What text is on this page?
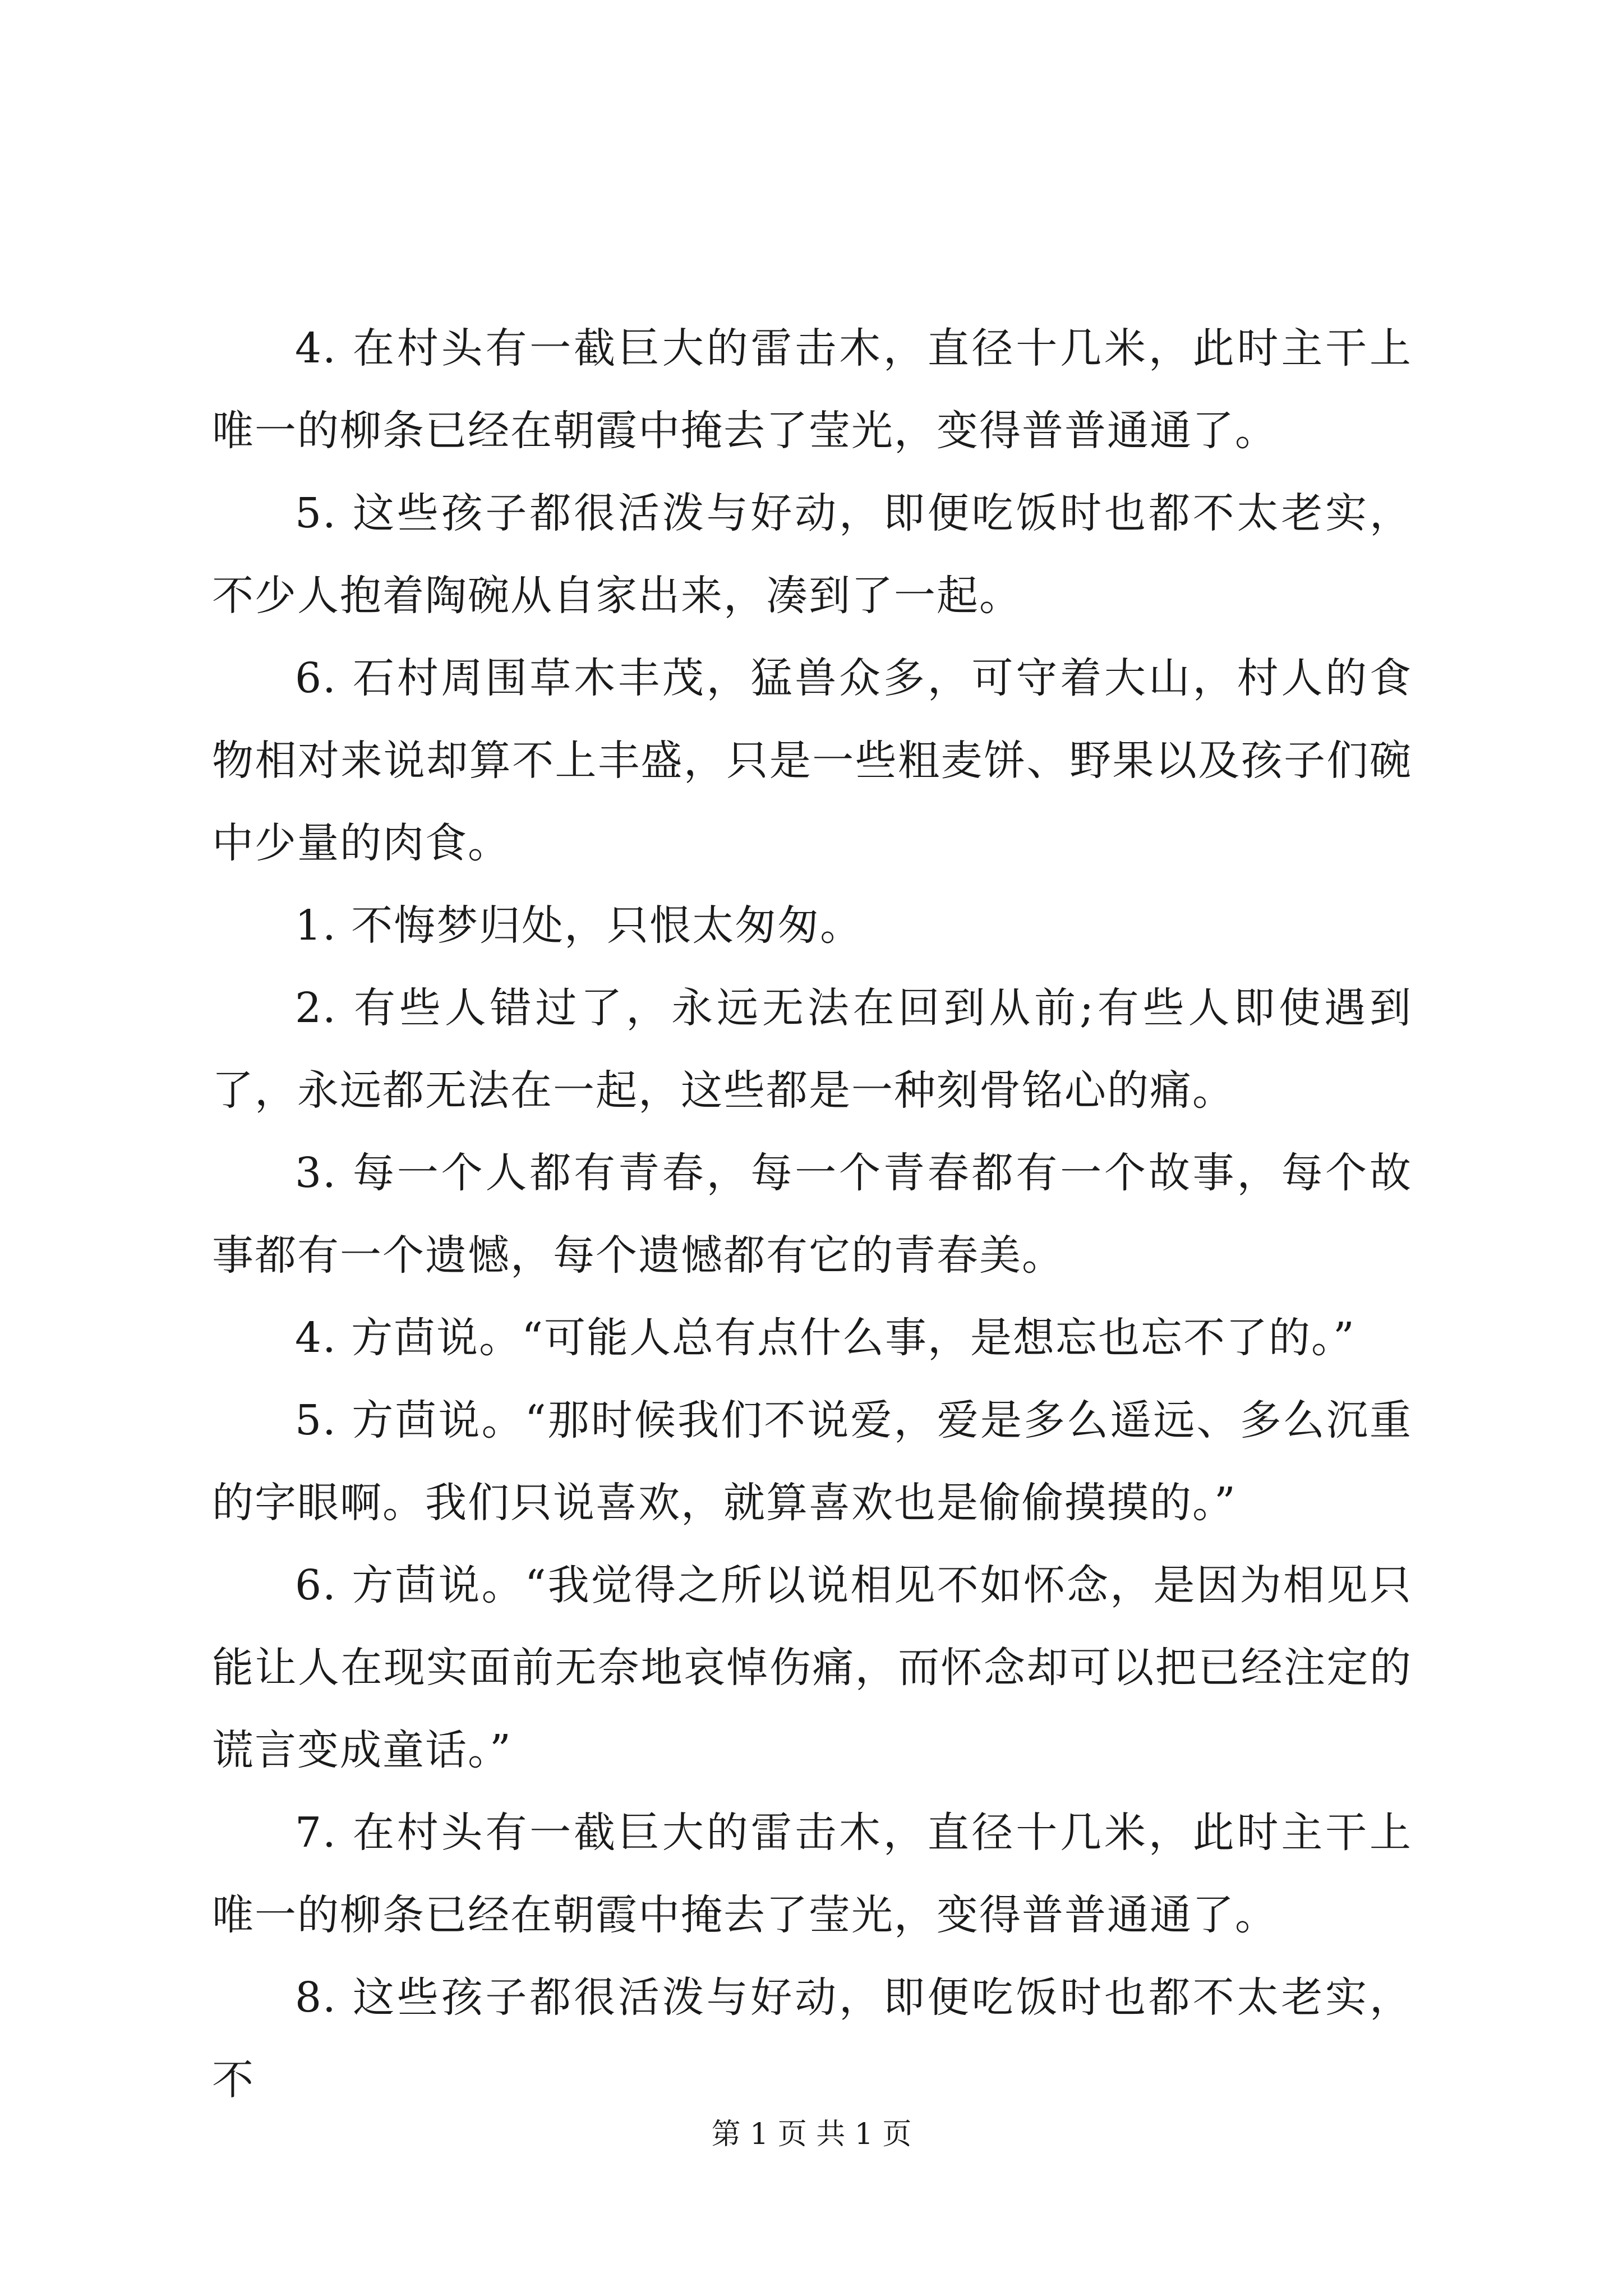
4. 在村头有一截巨大的雷击木，直径十几米，此时主干上唯一的柳条已经在朝霞中掩去了莹光，变得普普通通了。

5. 这些孩子都很活泼与好动，即便吃饭时也都不太老实，不少人抱着陶碗从自家出来，凑到了一起。

6. 石村周围草木丰茂，猛兽众多，可守着大山，村人的食物相对来说却算不上丰盛，只是一些粗麦饼、野果以及孩子们碗中少量的肉食。

1. 不悔梦归处，只恨太匆匆。

2. 有些人错过了，永远无法在回到从前;有些人即使遇到了，永远都无法在一起，这些都是一种刻骨铭心的痛。

3. 每一个人都有青春，每一个青春都有一个故事，每个故事都有一个遗憾，每个遗憾都有它的青春美。

4. 方茴说。“可能人总有点什么事，是想忘也忘不了的。”

5. 方茴说。“那时候我们不说爱，爱是多么遥远、多么沉重的字眼啊。我们只说喜欢，就算喜欢也是偷偷摸摸的。”

6. 方茴说。“我觉得之所以说相见不如怀念，是因为相见只能让人在现实面前无奈地哀悼伤痛，而怀念却可以把已经注定的谎言变成童话。”

7. 在村头有一截巨大的雷击木，直径十几米，此时主干上唯一的柳条已经在朝霞中掩去了莹光，变得普普通通了。

8. 这些孩子都很活泼与好动，即便吃饭时也都不太老实，不

第 1 页 共 1 页
